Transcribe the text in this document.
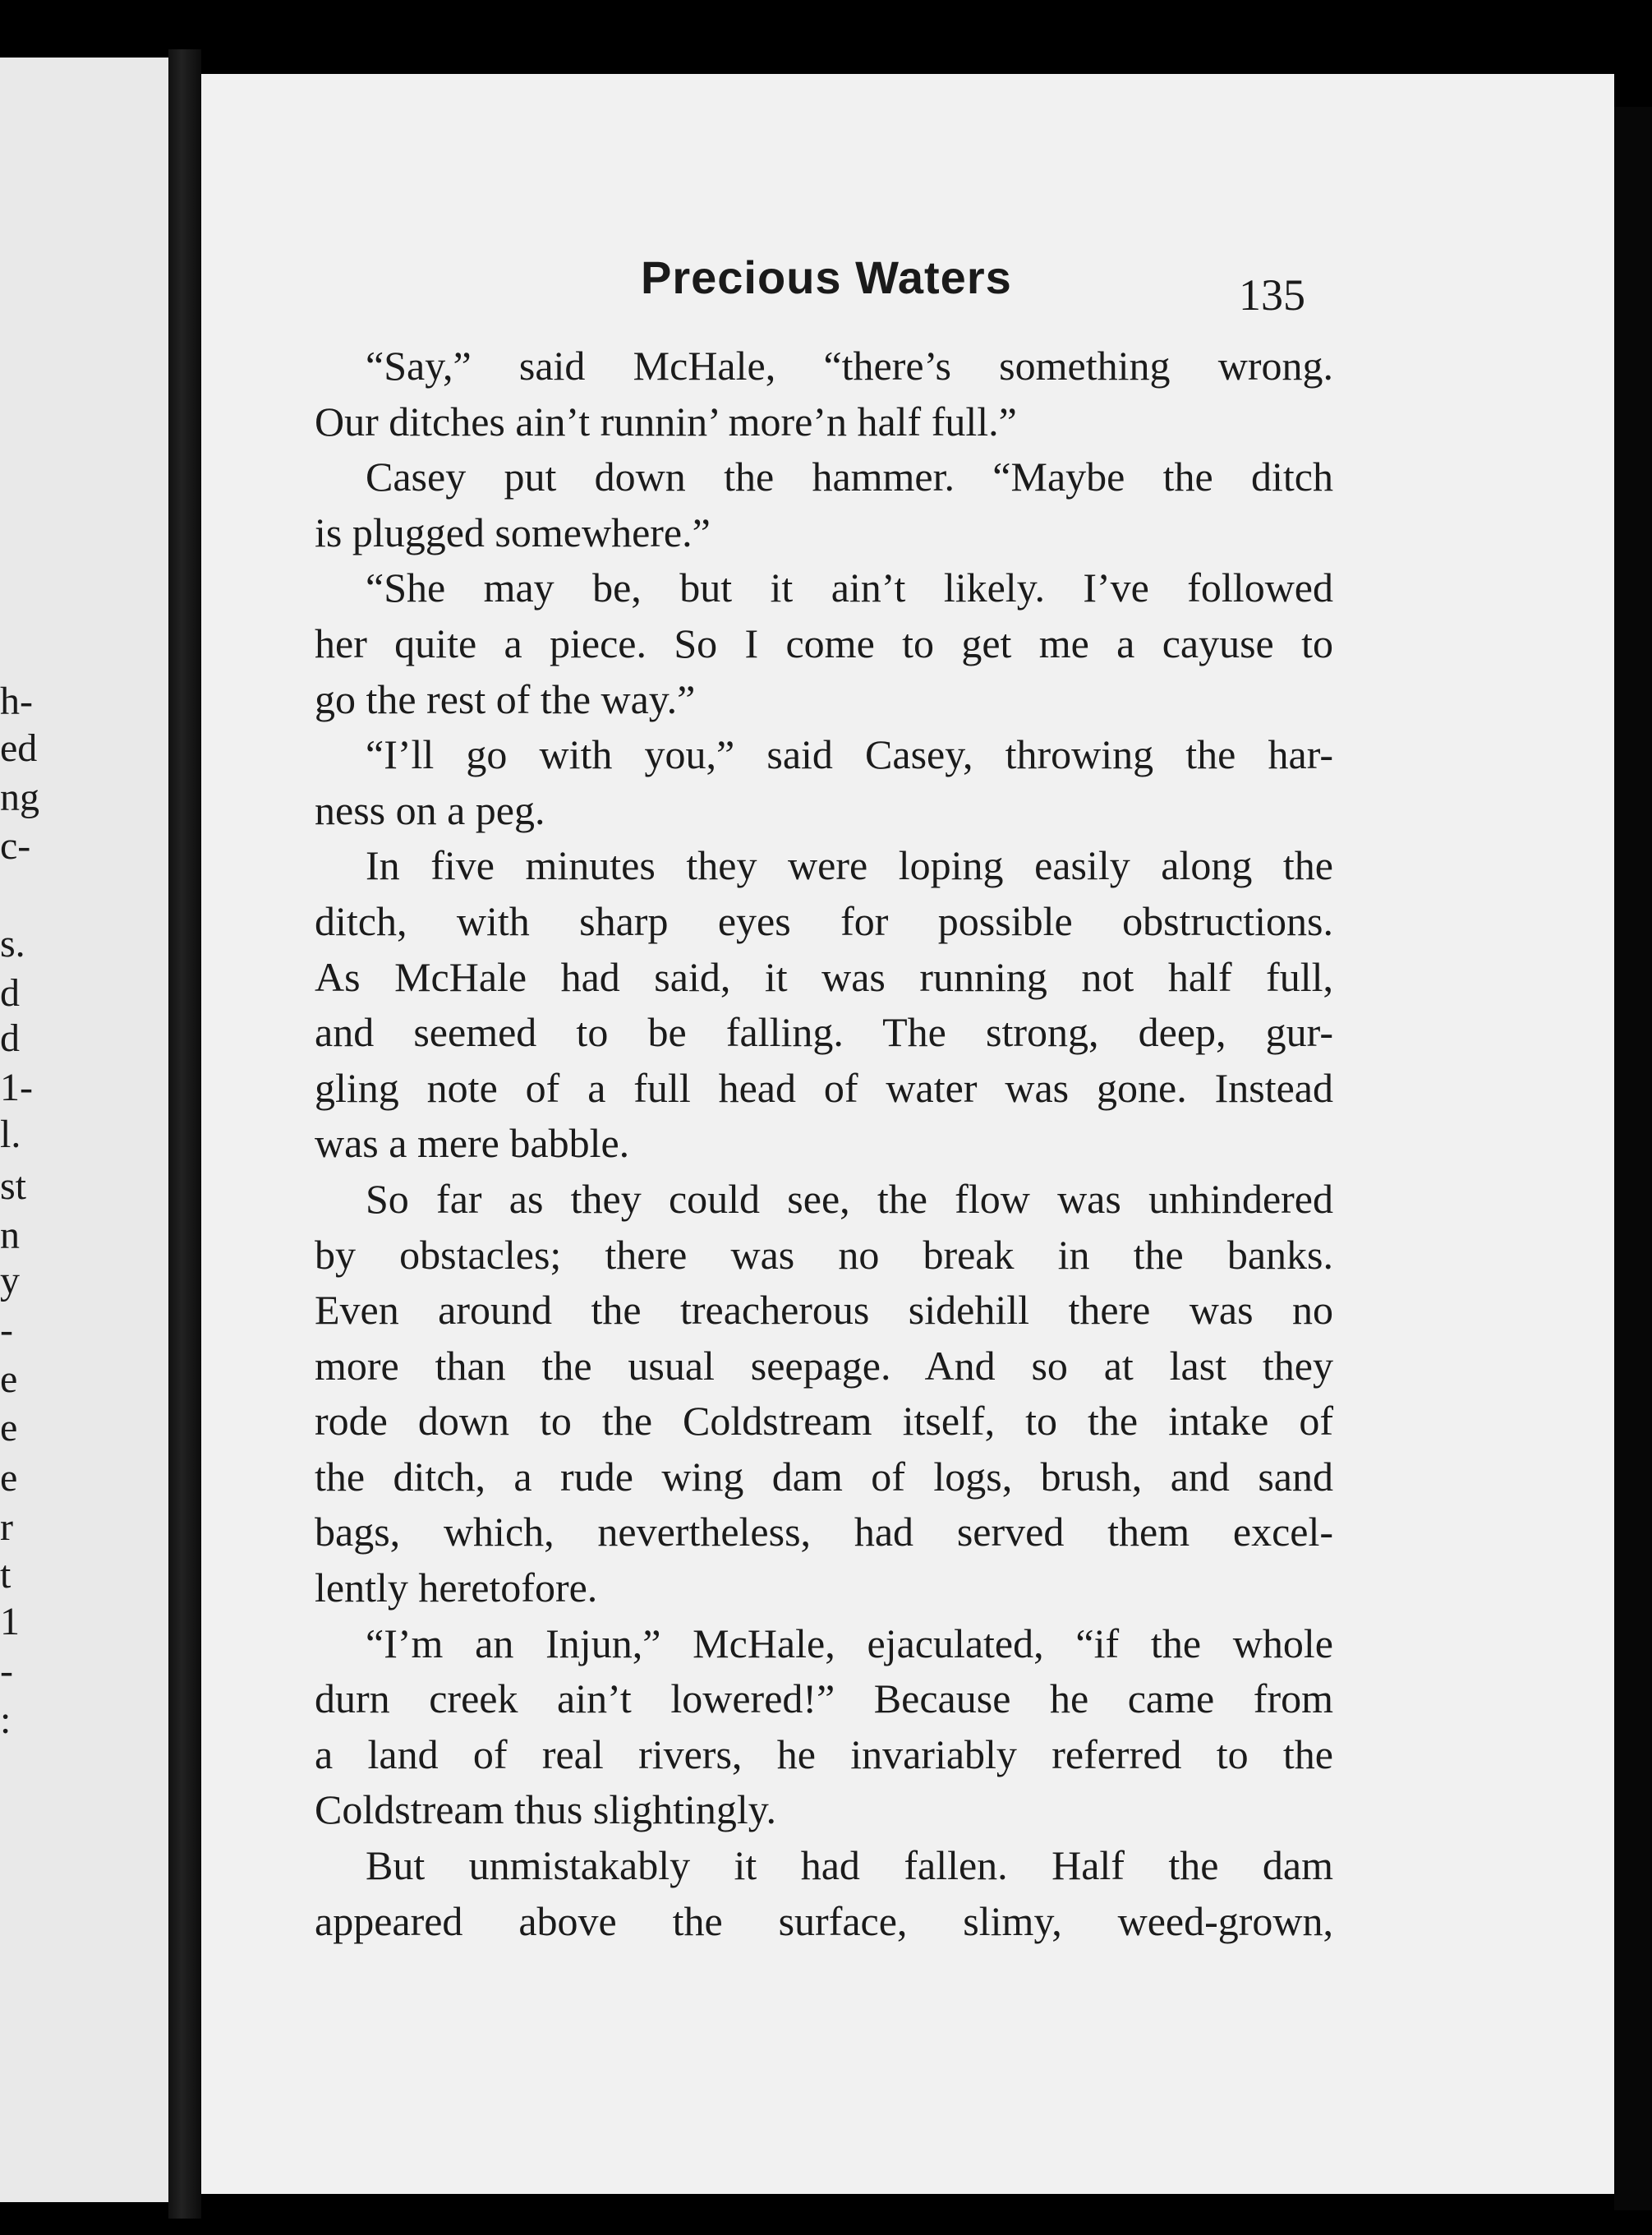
h-
ed
ng
c-
s.
d
d
1-
l.
st
n
y
-
e
e
e
r
t
1
-
:
Precious Waters	135
“Say,” said McHale, “there’s something wrong.
Our ditches ain’t runnin’ more’n half full.”
Casey put down the hammer. “Maybe the ditch
is plugged somewhere.”
“She may be, but it ain’t likely. I’ve followed
her quite a piece. So I come to get me a cayuse to
go the rest of the way.”
“I’ll go with you,” said Casey, throwing the har-
ness on a peg.
In five minutes they were loping easily along the
ditch, with sharp eyes for possible obstructions.
As McHale had said, it was running not half full,
and seemed to be falling. The strong, deep, gur-
gling note of a full head of water was gone. Instead
was a mere babble.
So far as they could see, the flow was unhindered
by obstacles; there was no break in the banks.
Even around the treacherous sidehill there was no
more than the usual seepage. And so at last they
rode down to the Coldstream itself, to the intake of
the ditch, a rude wing dam of logs, brush, and sand
bags, which, nevertheless, had served them excel-
lently heretofore.
“I’m an Injun,” McHale, ejaculated, “if the whole
durn creek ain’t lowered!” Because he came from
a land of real rivers, he invariably referred to the
Coldstream thus slightingly.
But unmistakably it had fallen. Half the dam
appeared above the surface, slimy, weed-grown,
